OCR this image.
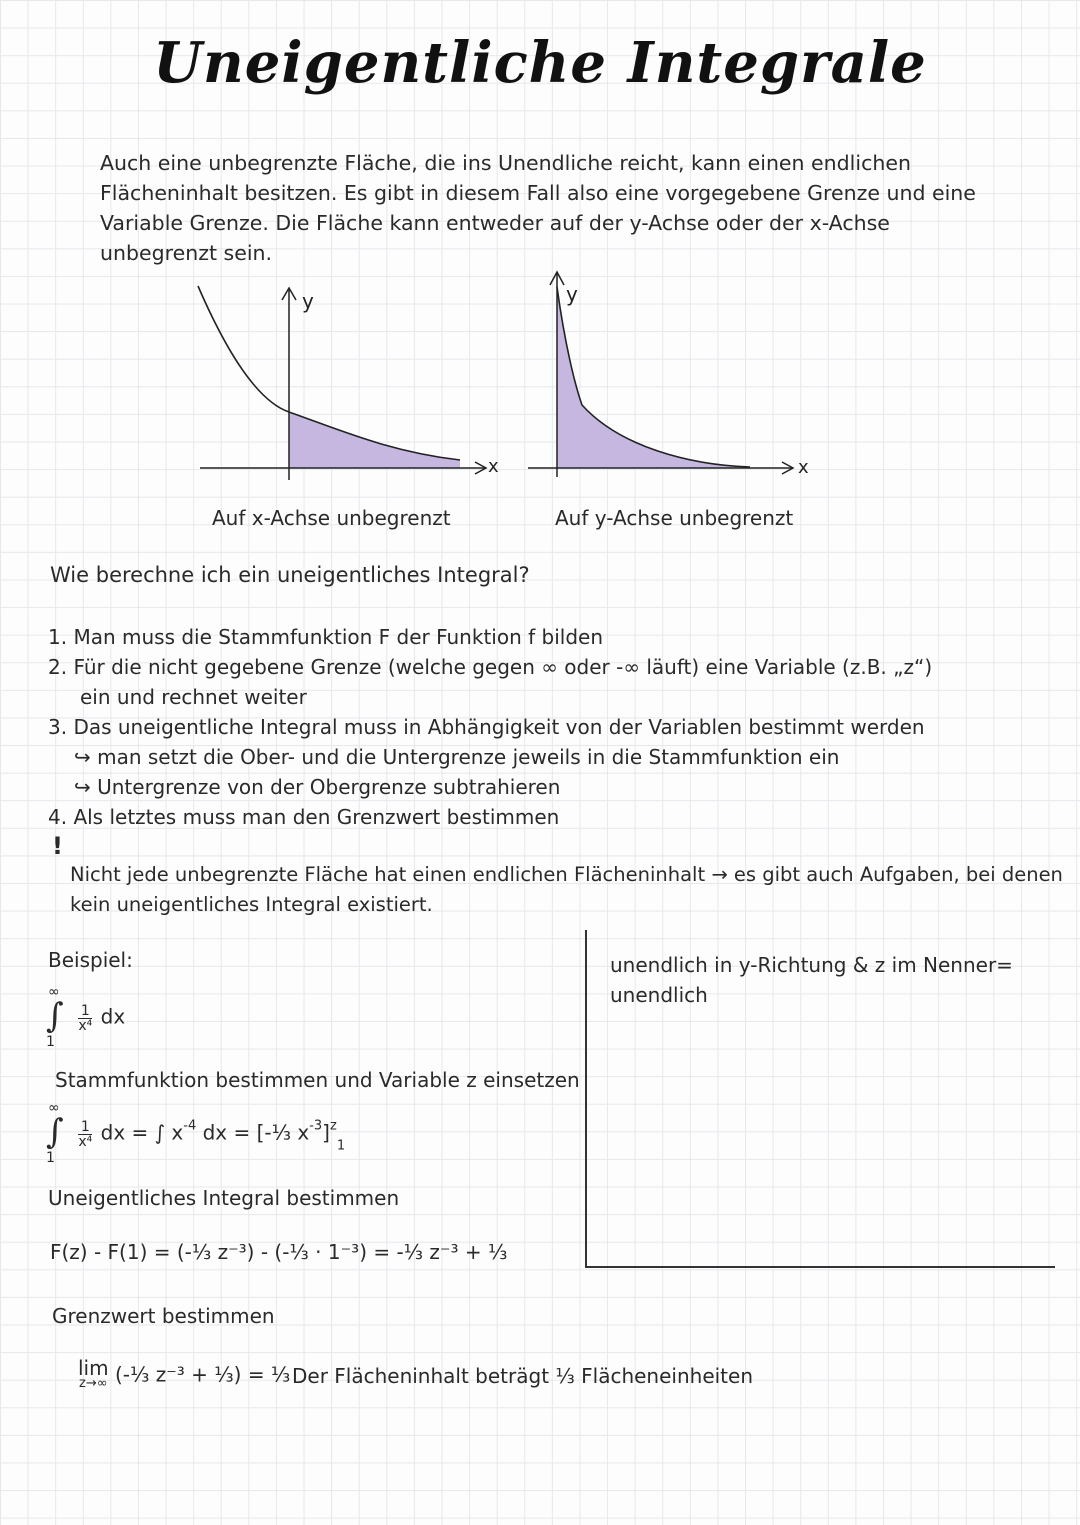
Uneigentliche Integrale
Auch eine unbegrenzte Fläche, die ins Unendliche reicht, kann einen endlichen
Flächeninhalt besitzen. Es gibt in diesem Fall also eine vorgegebene Grenze und eine
Variable Grenze. Die Fläche kann entweder auf der y-Achse oder der x-Achse
unbegrenzt sein.
y
x
Auf x-Achse unbegrenzt
y
x
Auf y-Achse unbegrenzt
Wie berechne ich ein uneigentliches Integral?
1. Man muss die Stammfunktion F der Funktion f bilden
2. Für die nicht gegebene Grenze (welche gegen ∞ oder -∞ läuft) eine Variable (z.B. „z“)
ein und rechnet weiter
3. Das uneigentliche Integral muss in Abhängigkeit von der Variablen bestimmt werden
↪ man setzt die Ober- und die Untergrenze jeweils in die Stammfunktion ein
↪ Untergrenze von der Obergrenze subtrahieren
4. Als letztes muss man den Grenzwert bestimmen
!
Nicht jede unbegrenzte Fläche hat einen endlichen Flächeninhalt → es gibt auch Aufgaben, bei denen
kein uneigentliches Integral existiert.
unendlich in y-Richtung & z im Nenner=
unendlich
Beispiel:
∞
∫
1

$\frac{1}{\text{x⁴}}$ dx
Stammfunktion bestimmen und Variable z einsetzen
∞
∫
1

$\frac{1}{\text{x⁴}}$ dx = ∫ $x^{-4}$ dx = [-⅓ $x^{-3}]^z_1$
Uneigentliches Integral bestimmen
F(z) - F(1) = (-⅓ z⁻³) - (-⅓ · 1⁻³) = -⅓ z⁻³ + ⅓
Grenzwert bestimmen
lim
z→∞ (-⅓ z⁻³ + ⅓) = ⅓ Der Flächeninhalt beträgt ⅓ Flächeneinheiten
